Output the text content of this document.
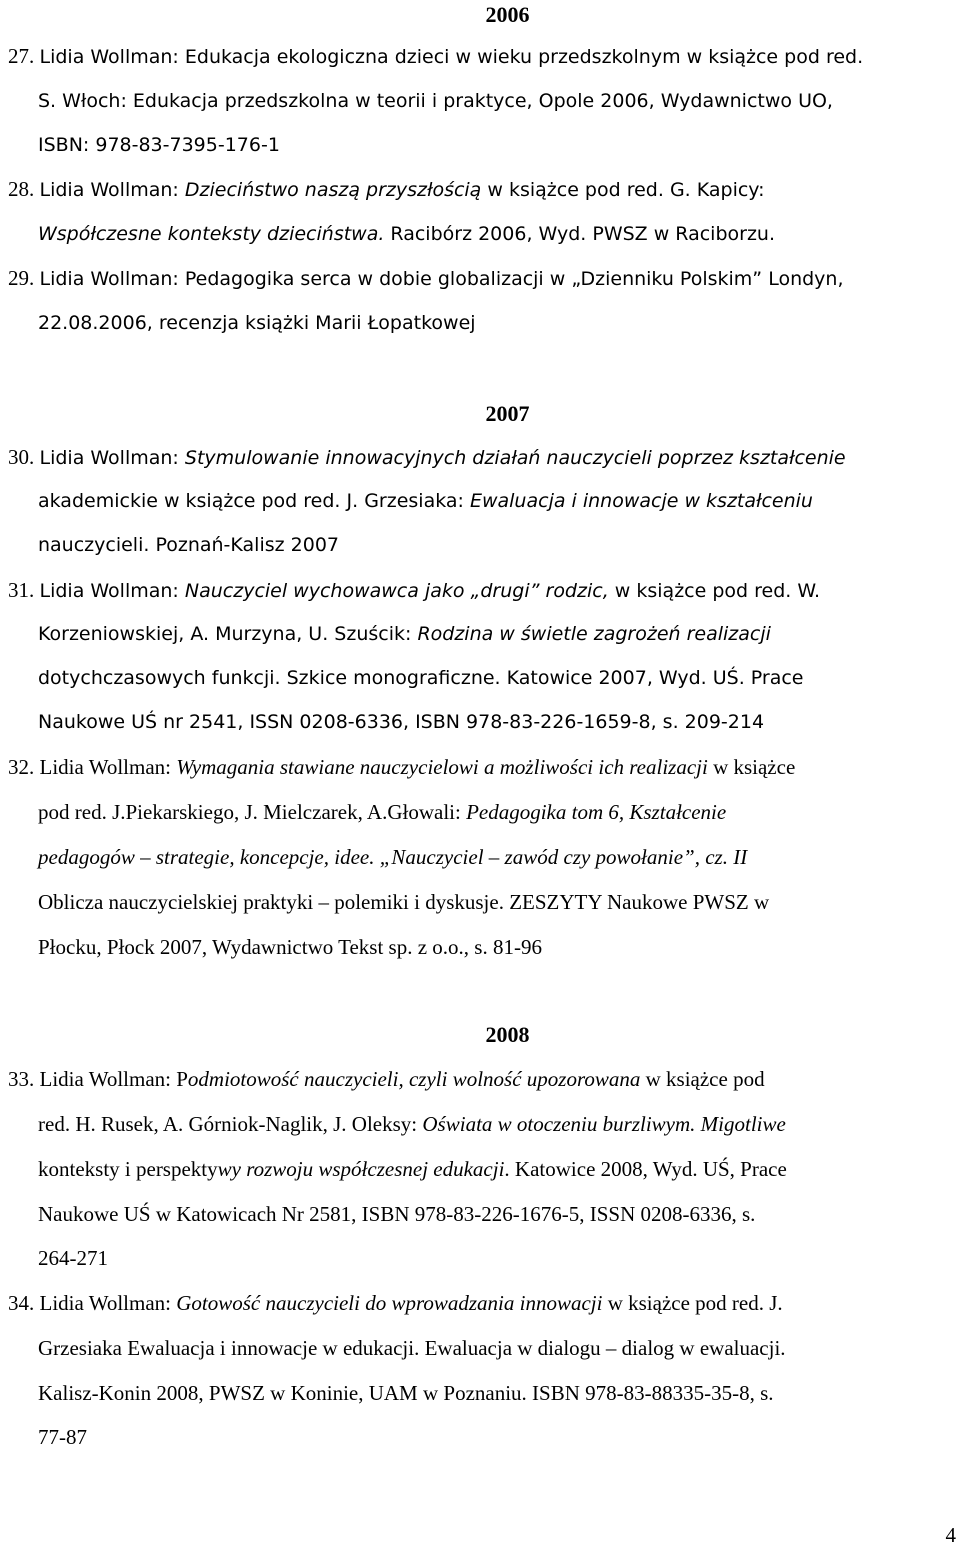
2006
27. Lidia Wollman: Edukacja ekologiczna dzieci w wieku przedszkolnym w książce pod red.
S. Włoch: Edukacja przedszkolna w teorii i praktyce, Opole 2006, Wydawnictwo UO,
ISBN: 978-83-7395-176-1
28. Lidia Wollman: Dzieciństwo naszą przyszłością w książce pod red. G. Kapicy:
Współczesne konteksty dzieciństwa. Racibórz 2006, Wyd. PWSZ w Raciborzu.
29. Lidia Wollman: Pedagogika serca w dobie globalizacji w „Dzienniku Polskim” Londyn,
22.08.2006, recenzja książki Marii Łopatkowej
2007
30. Lidia Wollman: Stymulowanie innowacyjnych działań nauczycieli poprzez kształcenie
akademickie w książce pod red. J. Grzesiaka: Ewaluacja i innowacje w kształceniu
nauczycieli. Poznań-Kalisz 2007
31. Lidia Wollman: Nauczyciel wychowawca jako „drugi” rodzic, w książce pod red. W.
Korzeniowskiej, A. Murzyna, U. Szuścik: Rodzina w świetle zagrożeń realizacji
dotychczasowych funkcji. Szkice monograficzne. Katowice 2007, Wyd. UŚ. Prace
Naukowe UŚ nr 2541, ISSN 0208-6336, ISBN 978-83-226-1659-8, s. 209-214
32. Lidia Wollman: Wymagania stawiane nauczycielowi a możliwości ich realizacji w książce
pod red. J.Piekarskiego, J. Mielczarek, A.Głowali: Pedagogika tom 6, Kształcenie
pedagogów – strategie, koncepcje, idee. „Nauczyciel – zawód czy powołanie”, cz. II
Oblicza nauczycielskiej praktyki – polemiki i dyskusje. ZESZYTY Naukowe PWSZ w
Płocku, Płock 2007, Wydawnictwo Tekst sp. z o.o., s. 81-96
2008
33. Lidia Wollman: Podmiotowość nauczycieli, czyli wolność upozorowana w książce pod
red. H. Rusek, A. Górniok-Naglik, J. Oleksy: Oświata w otoczeniu burzliwym. Migotliwe
konteksty i perspektywy rozwoju współczesnej edukacji. Katowice 2008, Wyd. UŚ, Prace
Naukowe UŚ w Katowicach Nr 2581, ISBN 978-83-226-1676-5, ISSN 0208-6336, s.
264-271
34. Lidia Wollman: Gotowość nauczycieli do wprowadzania innowacji w książce pod red. J.
Grzesiaka Ewaluacja i innowacje w edukacji. Ewaluacja w dialogu – dialog w ewaluacji.
Kalisz-Konin 2008, PWSZ w Koninie, UAM w Poznaniu. ISBN 978-83-88335-35-8, s.
77-87
4
